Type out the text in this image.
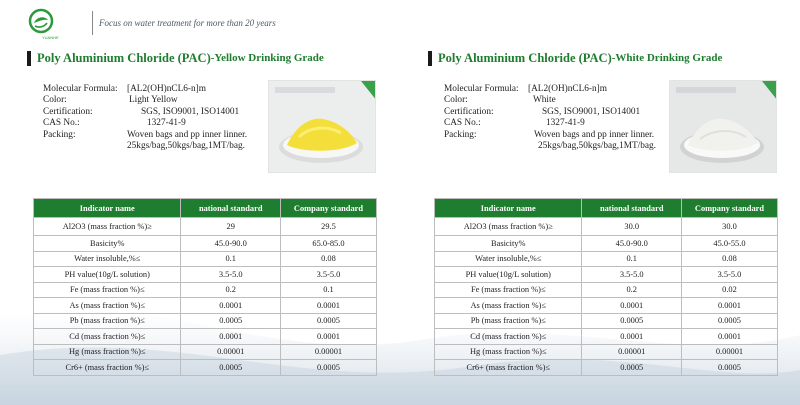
YUANHE
Focus on water treatment for more than 20 years
Poly Aluminium Chloride (PAC) -Yellow Drinking Grade
Molecular Formula:	[AL2(OH)nCL6-n]m
Color:	Light Yellow
Certification:	SGS, ISO9001, ISO14001
CAS No.:	1327-41-9
Packing:	Woven bags and pp inner linner.
25kgs/bag,50kgs/bag,1MT/bag.
Indicator name	national standard	Company standard
Al2O3 (mass fraction %)≥	29	29.5
Basicity%	45.0-90.0	65.0-85.0
Water insoluble,%≤	0.1	0.08
PH value(10g/L solution)	3.5-5.0	3.5-5.0
Fe (mass fraction %)≤	0.2	0.1
As (mass fraction %)≤	0.0001	0.0001
Pb (mass fraction %)≤	0.0005	0.0005
Cd (mass fraction %)≤	0.0001	0.0001
Hg (mass fraction %)≤	0.00001	0.00001
Cr6+ (mass fraction %)≤	0.0005	0.0005
Poly Aluminium Chloride (PAC) -White Drinking Grade
Molecular Formula:	[AL2(OH)nCL6-n]m
Color:	White
Certification:	SGS, ISO9001, ISO14001
CAS No.:	1327-41-9
Packing:	Woven bags and pp inner linner.
25kgs/bag,50kgs/bag,1MT/bag.
Indicator name	national standard	Company standard
Al2O3 (mass fraction %)≥	30.0	30.0
Basicity%	45.0-90.0	45.0-55.0
Water insoluble,%≤	0.1	0.08
PH value(10g/L solution)	3.5-5.0	3.5-5.0
Fe (mass fraction %)≤	0.2	0.02
As (mass fraction %)≤	0.0001	0.0001
Pb (mass fraction %)≤	0.0005	0.0005
Cd (mass fraction %)≤	0.0001	0.0001
Hg (mass fraction %)≤	0.00001	0.00001
Cr6+ (mass fraction %)≤	0.0005	0.0005
